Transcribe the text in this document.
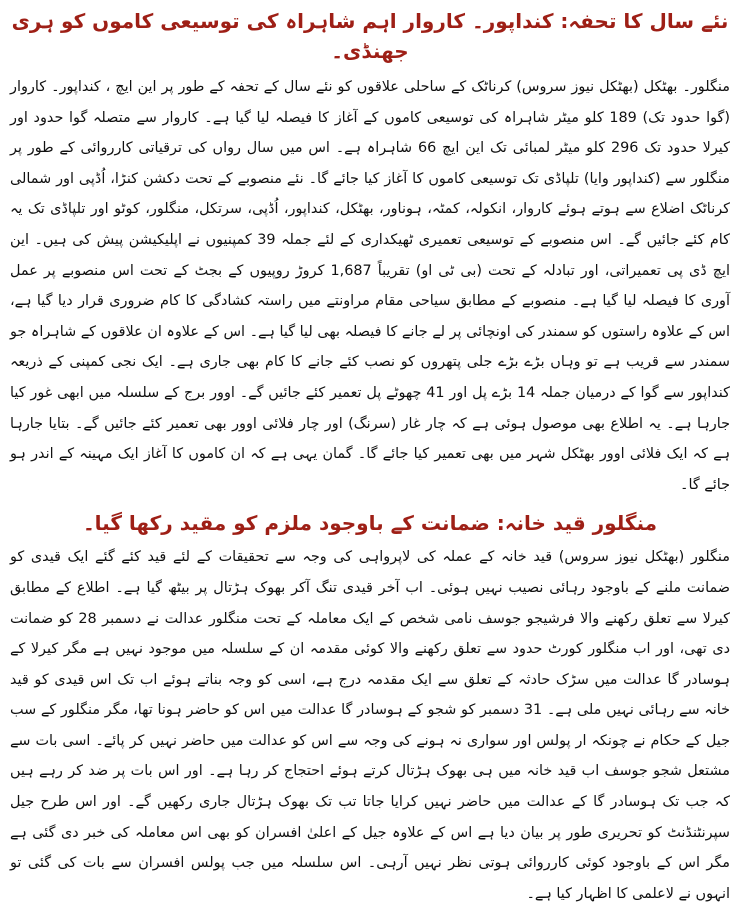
نئے سال کا تحفہ: کنداپور۔ کاروار اہم شاہراہ کی توسیعی کاموں کو ہری جھنڈی۔

منگلور۔ بھٹکل (بھٹکل نیوز سروس) کرناٹک کے ساحلی علاقوں کو نئے سال کے تحفہ کے طور پر این ایچ ، کنداپور۔ کاروار (گوا حدود تک) 189 کلو میٹر شاہراہ کی توسیعی کاموں کے آغاز کا فیصلہ لیا گیا ہے۔ کاروار سے متصلہ گوا حدود اور کیرلا حدود تک 296 کلو میٹر لمبائی تک این ایچ 66 شاہراہ ہے۔ اس میں سال رواں کی ترقیاتی کارروائی کے طور پر منگلور سے (کنداپور وایا) تلپاڈی تک توسیعی کاموں کا آغاز کیا جائے گا۔ نئے منصوبے کے تحت دکشن کنڑا، اُڈپی اور شمالی کرناٹک اضلاع سے ہوتے ہوئے کاروار، انکولہ، کمٹہ، ہوناور، بھٹکل، کنداپور، اُڈپی، سرتکل، منگلور، کوٹو اور تلپاڈی تک یہ کام کئے جائیں گے۔ اس منصوبے کے توسیعی تعمیری ٹھیکداری کے لئے جملہ 39 کمپنیوں نے اپلیکیشن پیش کی ہیں۔ این ایچ ڈی پی تعمیراتی، اور تبادلہ کے تحت (بی ٹی او) تقریباً 1,687 کروڑ روپیوں کے بجٹ کے تحت اس منصوبے پر عمل آوری کا فیصلہ لیا گیا ہے۔ منصوبے کے مطابق سیاحی مقام مراونتے میں راستہ کشادگی کا کام ضروری قرار دیا گیا ہے، اس کے علاوہ راستوں کو سمندر کی اونچائی پر لے جانے کا فیصلہ بھی لیا گیا ہے۔ اس کے علاوہ ان علاقوں کے شاہراہ جو سمندر سے قریب ہے تو وہاں بڑے بڑے جلی پتھروں کو نصب کئے جانے کا کام بھی جاری ہے۔ ایک نجی کمپنی کے ذریعہ کنداپور سے گوا کے درمیان جملہ 14 بڑے پل اور 41 چھوٹے پل تعمیر کئے جائیں گے۔ اوور برج کے سلسلہ میں ابھی غور کیا جارہا ہے۔ یہ اطلاع بھی موصول ہوئی ہے کہ چار غار (سرنگ) اور چار فلائی اوور بھی تعمیر کئے جائیں گے۔ بتایا جارہا ہے کہ ایک فلائی اوور بھٹکل شہر میں بھی تعمیر کیا جائے گا۔ گمان یہی ہے کہ ان کاموں کا آغاز ایک مہینہ کے اندر ہو جائے گا۔

منگلور قید خانہ: ضمانت کے باوجود ملزم کو مقید رکھا گیا۔

منگلور (بھٹکل نیوز سروس) قید خانہ کے عملہ کی لاپرواہی کی وجہ سے تحقیقات کے لئے قید کئے گئے ایک قیدی کو ضمانت ملنے کے باوجود رہائی نصیب نہیں ہوئی۔ اب آخر قیدی تنگ آکر بھوک ہڑتال پر بیٹھ گیا ہے۔ اطلاع کے مطابق کیرلا سے تعلق رکھنے والا فرشیجو جوسف نامی شخص کے ایک معاملہ کے تحت منگلور عدالت نے دسمبر 28 کو ضمانت دی تھی، اور اب منگلور کورٹ حدود سے تعلق رکھنے والا کوئی مقدمہ ان کے سلسلہ میں موجود نہیں ہے مگر کیرلا کے ہوسادر گا عدالت میں سڑک حادثہ کے تعلق سے ایک مقدمہ درج ہے، اسی کو وجہ بناتے ہوئے اب تک اس قیدی کو قید خانہ سے رہائی نہیں ملی ہے۔ 31 دسمبر کو شجو کے ہوسادر گا عدالت میں اس کو حاضر ہونا تھا، مگر منگلور کے سب جیل کے حکام نے چونکہ ار پولس اور سواری نہ ہونے کی وجہ سے اس کو عدالت میں حاضر نہیں کر پائے۔ اسی بات سے مشتعل شجو جوسف اب قید خانہ میں ہی بھوک ہڑتال کرتے ہوئے احتجاج کر رہا ہے۔ اور اس بات پر ضد کر رہے ہیں کہ جب تک ہوسادر گا کے عدالت میں حاضر نہیں کرایا جاتا تب تک بھوک ہڑتال جاری رکھیں گے۔ اور اس طرح جیل سپرنٹنڈنٹ کو تحریری طور پر بیان دیا ہے اس کے علاوہ جیل کے اعلیٰ افسران کو بھی اس معاملہ کی خبر دی گئی ہے مگر اس کے باوجود کوئی کارروائی ہوتی نظر نہیں آرہی۔ اس سلسلہ میں جب پولس افسران سے بات کی گئی تو انہوں نے لاعلمی کا اظہار کیا ہے۔
